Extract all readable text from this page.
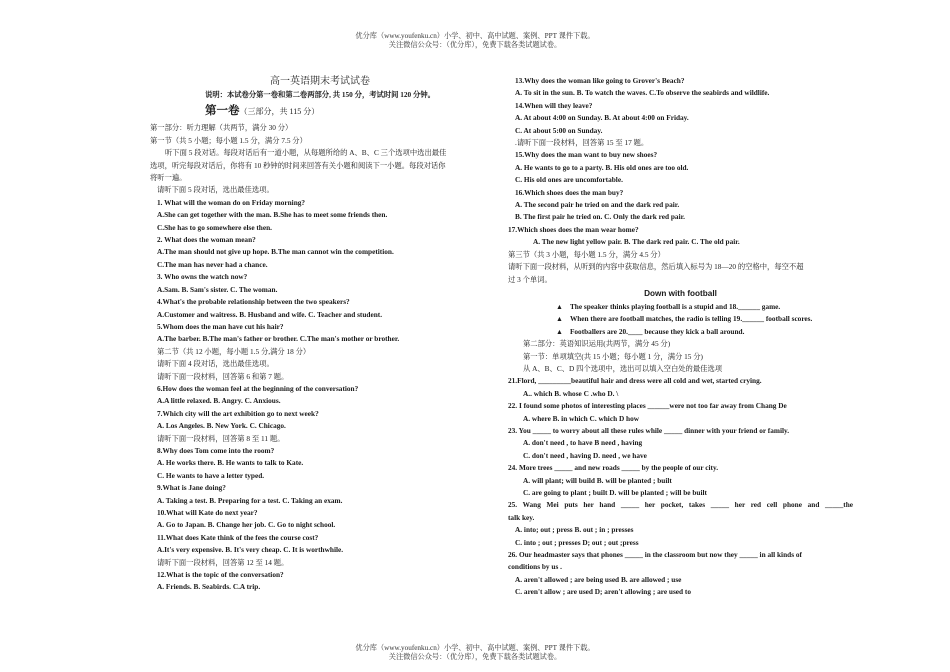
优分库（www.youfenku.cn）小学、初中、高中试题、案例、PPT 课件下载。
关注微信公众号：（优分库），免费下载各类试题试卷。
高一英语期末考试试卷
说明：本试卷分第一卷和第二卷两部分, 共 150 分，考试时间 120 分钟。
第一卷（三部分，共 115 分）
第一部分：听力理解（共两节，满分 30 分）
第一节（共 5 小题；每小题 1.5 分，满分 7.5 分）
听下面 5 段对话。每段对话后有一道小题，从每题所给的 A、B、C 三个选项中选出最佳
选项，听完每段对话后，你将有 10 秒钟的时间来回答有关小题和阅读下一小题。每段对话你
将听一遍。
请听下面 5 段对话，选出最佳选项。
1. What will the woman do on Friday morning?
A.She can get together with the man. B.She has to meet some friends then.
C.She has to go somewhere else then.
2. What does the woman mean?
A.The man should not give up hope. B.The man cannot win the competition.
C.The man has never had a chance.
3. Who owns the watch now?
A.Sam. B. Sam's sister. C. The woman.
4.What's the probable relationship between the two speakers?
A.Customer and waitress. B. Husband and wife. C. Teacher and student.
5.Whom does the man have cut his hair?
A.The barber. B.The man's father or brother. C.The man's mother or brother.
第二节（共 12 小题，每小题 1.5 分,满分 18 分）
请听下面 4 段对话，选出最佳选项。
请听下面一段材料，回答第 6 和第 7 题。
6.How does the woman feel at the beginning of the conversation?
A.A little relaxed. B. Angry. C. Anxious.
7.Which city will the art exhibition go to next week?
A. Los Angeles. B. New York. C. Chicago.
请听下面一段材料，回答第 8 至 11 题。
8.Why does Tom come into the room?
A. He works there. B. He wants to talk to Kate.
C. He wants to have a letter typed.
9.What is Jane doing?
A. Taking a test. B. Preparing for a test. C. Taking an exam.
10.What will Kate do next year?
A. Go to Japan. B. Change her job. C. Go to night school.
11.What does Kate think of the fees the course cost?
A.It's very expensive. B. It's very cheap. C. It is worthwhile.
请听下面一段材料，回答第 12 至 14 题。
12.What is the topic of the conversation?
A. Friends. B. Seabirds. C.A trip.
13.Why does the woman like going to Grover's Beach?
A. To sit in the sun. B. To watch the waves. C.To observe the seabirds and wildlife.
14.When will they leave?
A. At about 4:00 on Sunday. B. At about 4:00 on Friday.
C. At about 5:00 on Sunday.
.请听下面一段材料，回答第 15 至 17 题。
15.Why does the man want to buy new shoes?
A. He wants to go to a party. B. His old ones are too old.
C. His old ones are uncomfortable.
16.Which shoes does the man buy?
A. The second pair he tried on and the dark red pair.
B. The first pair he tried on. C. Only the dark red pair.
17.Which shoes does the man wear home?
A. The new light yellow pair. B. The dark red pair. C. The old pair.
第三节（共 3 小题，每小题 1.5 分，满分 4.5 分）
请听下面一段材料，从听到的内容中获取信息，然后填入标号为 18—20 的空格中，每空不超
过 3 个单词。
Down with football
▲ The speaker thinks playing football is a stupid and 18.______ game.
▲ When there are football matches, the radio is telling 19.______ football scores.
▲ Footballers are 20.____ because they kick a ball around.
第二部分：英语知识运用(共两节，满分 45 分)
第一节：单项填空(共 15 小题；每小题 1 分，满分 15 分)
从 A、B、C、D 四个选项中，选出可以填入空白处的最佳选项
21.Flord, _________beautiful hair and dress were all cold and wet, started crying.
A.. which B. whose C .who D. \
22. I found some photos of interesting places ______were not too far away from Chang De
A. where B. in which C. which D how
23. You _____ to worry about all these rules while _____ dinner with your friend or family.
A. don't need , to have B need , having
C. don't need , having D. need , we have
24. More trees _____ and new roads _____ by the people of our city.
A. will plant; will build B. will be planted ; built
C. are going to plant ; built D. will be planted ; will be built
25. Wang Mei puts her hand _____ her pocket, takes _____ her red cell phone and _____the
talk key.
A. into; out ; press B. out ; in ; presses
C. into ; out ; presses D; out ; out ;press
26. Our headmaster says that phones _____ in the classroom but now they _____ in all kinds of
conditions by us .
A. aren't allowed ; are being used B. are allowed ; use
C. aren't allow ; are used D; aren't allowing ; are used to
优分库（www.youfenku.cn）小学、初中、高中试题、案例、PPT 课件下载。
关注微信公众号：（优分库），免费下载各类试题试卷。
